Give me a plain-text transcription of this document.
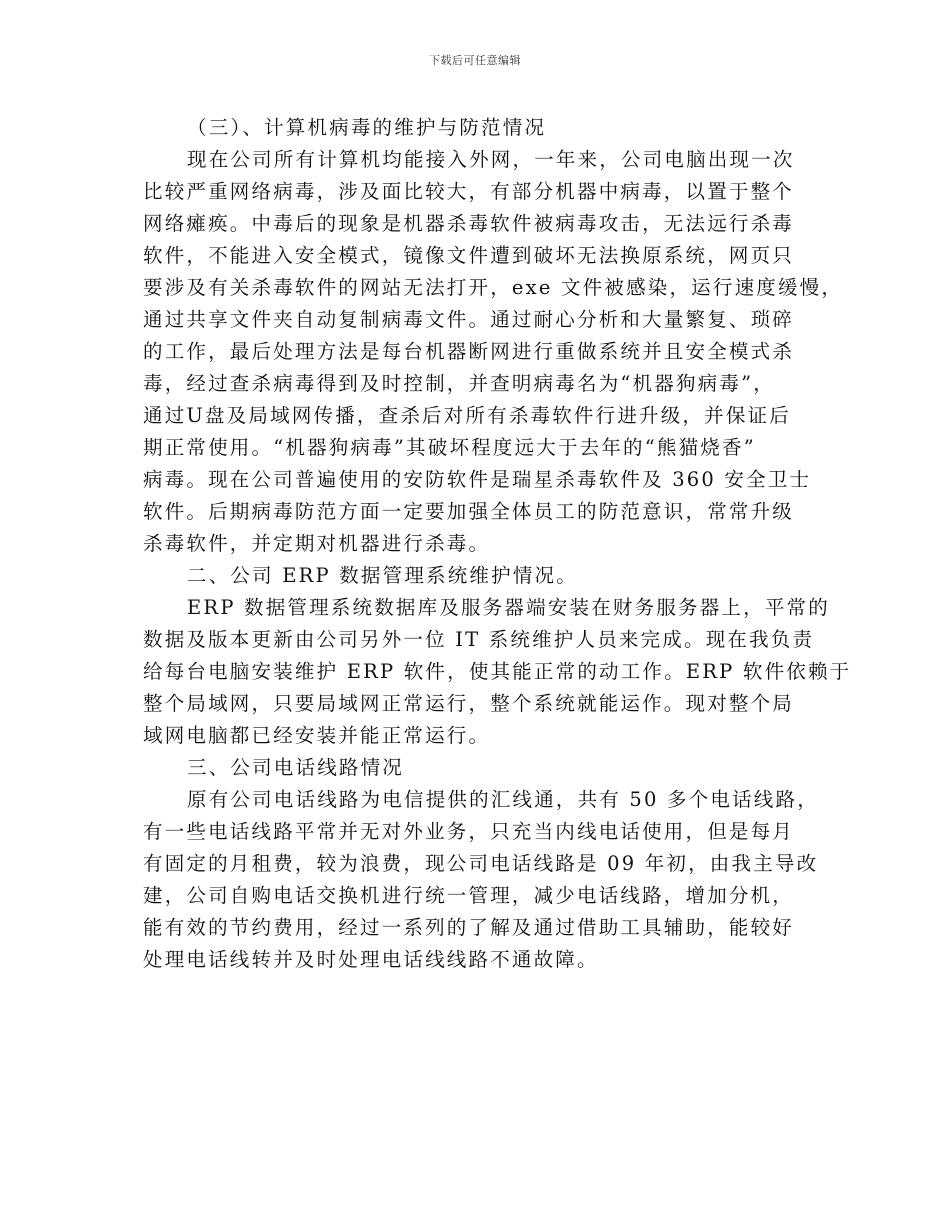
下载后可任意编辑
（三）、计算机病毒的维护与防范情况
现在公司所有计算机均能接入外网，一年来，公司电脑出现一次
比较严重网络病毒，涉及面比较大，有部分机器中病毒，以置于整个
网络瘫痪。中毒后的现象是机器杀毒软件被病毒攻击，无法远行杀毒
软件，不能进入安全模式，镜像文件遭到破坏无法换原系统，网页只
要涉及有关杀毒软件的网站无法打开，exe 文件被感染，运行速度缓慢，
通过共享文件夹自动复制病毒文件。通过耐心分析和大量繁复、琐碎
的工作，最后处理方法是每台机器断网进行重做系统并且安全模式杀
毒，经过查杀病毒得到及时控制，并查明病毒名为“机器狗病毒”，
通过U盘及局域网传播，查杀后对所有杀毒软件行进升级，并保证后
期正常使用。“机器狗病毒”其破坏程度远大于去年的“熊猫烧香”
病毒。现在公司普遍使用的安防软件是瑞星杀毒软件及 360 安全卫士
软件。后期病毒防范方面一定要加强全体员工的防范意识，常常升级
杀毒软件，并定期对机器进行杀毒。
二、公司 ERP 数据管理系统维护情况。
ERP 数据管理系统数据库及服务器端安装在财务服务器上，平常的
数据及版本更新由公司另外一位 IT 系统维护人员来完成。现在我负责
给每台电脑安装维护 ERP 软件，使其能正常的动工作。ERP 软件依赖于
整个局域网，只要局域网正常运行，整个系统就能运作。现对整个局
域网电脑都已经安装并能正常运行。
三、公司电话线路情况
原有公司电话线路为电信提供的汇线通，共有 50 多个电话线路，
有一些电话线路平常并无对外业务，只充当内线电话使用，但是每月
有固定的月租费，较为浪费，现公司电话线路是 09 年初，由我主导改
建，公司自购电话交换机进行统一管理，减少电话线路，增加分机，
能有效的节约费用，经过一系列的了解及通过借助工具辅助，能较好
处理电话线转并及时处理电话线线路不通故障。
